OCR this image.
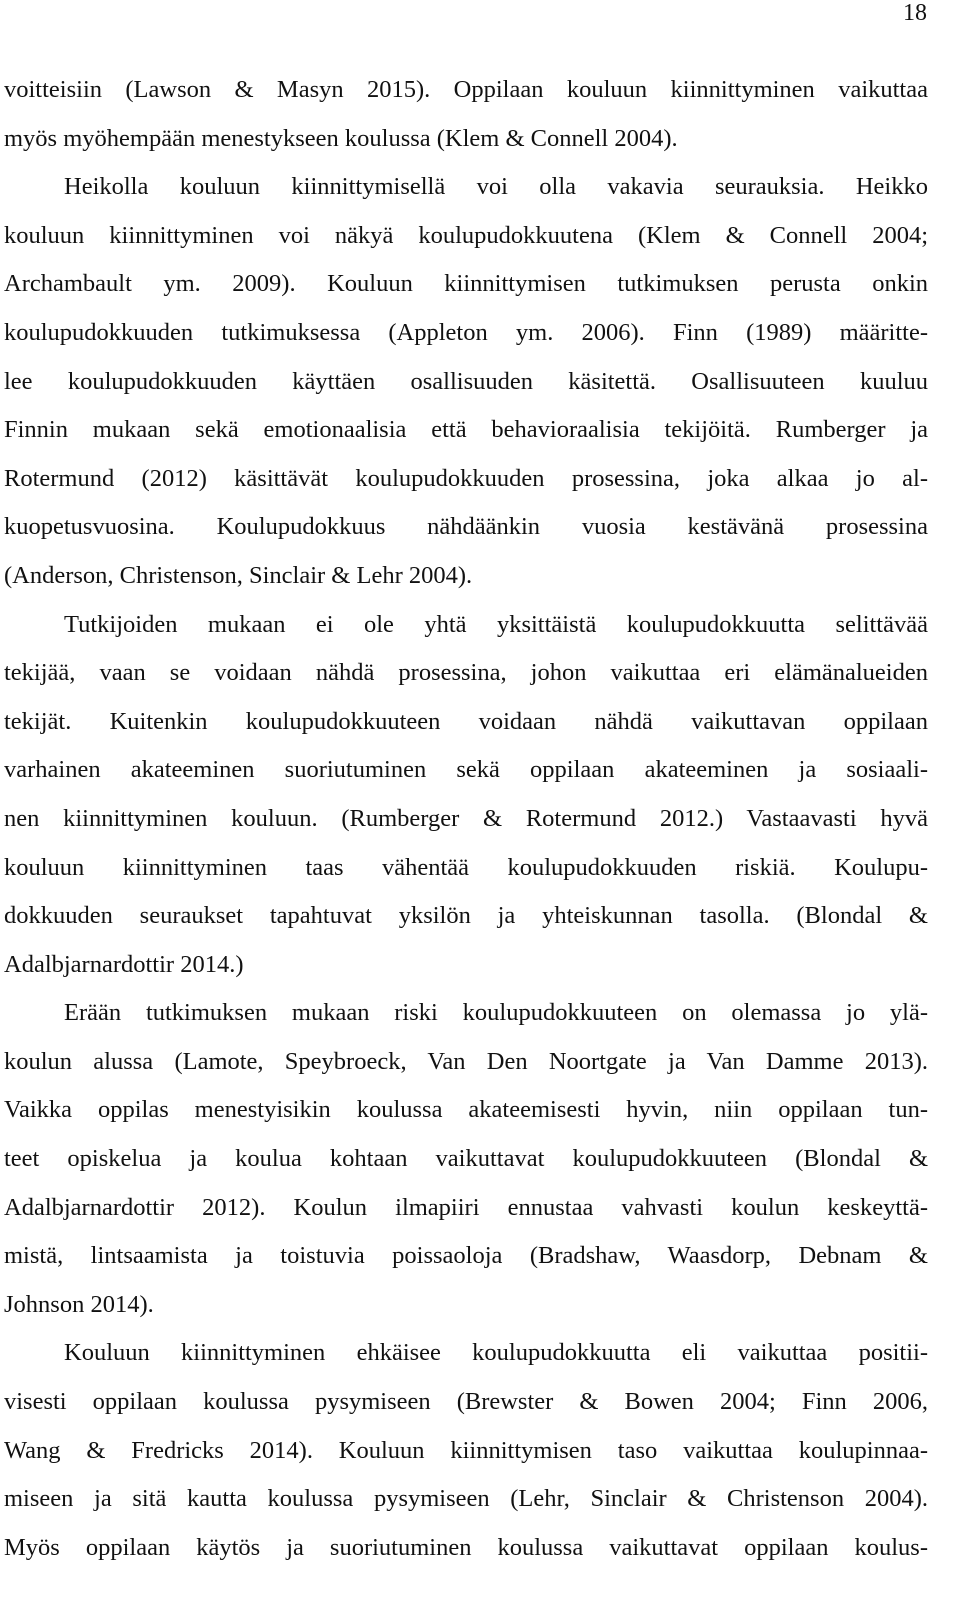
18
voitteisiin (Lawson & Masyn 2015). Oppilaan kouluun kiinnittyminen vaikuttaa
myös myöhempään menestykseen koulussa (Klem & Connell 2004).
Heikolla kouluun kiinnittymisellä voi olla vakavia seurauksia. Heikko
kouluun kiinnittyminen voi näkyä koulupudokkuutena (Klem & Connell 2004;
Archambault ym. 2009). Kouluun kiinnittymisen tutkimuksen perusta onkin
koulupudokkuuden tutkimuksessa (Appleton ym. 2006). Finn (1989) määritte-
lee koulupudokkuuden käyttäen osallisuuden käsitettä. Osallisuuteen kuuluu
Finnin mukaan sekä emotionaalisia että behavioraalisia tekijöitä. Rumberger ja
Rotermund (2012) käsittävät koulupudokkuuden prosessina, joka alkaa jo al-
kuopetusvuosina. Koulupudokkuus nähdäänkin vuosia kestävänä prosessina
(Anderson, Christenson, Sinclair & Lehr 2004).
Tutkijoiden mukaan ei ole yhtä yksittäistä koulupudokkuutta selittävää
tekijää, vaan se voidaan nähdä prosessina, johon vaikuttaa eri elämänalueiden
tekijät. Kuitenkin koulupudokkuuteen voidaan nähdä vaikuttavan oppilaan
varhainen akateeminen suoriutuminen sekä oppilaan akateeminen ja sosiaali-
nen kiinnittyminen kouluun. (Rumberger & Rotermund 2012.) Vastaavasti hyvä
kouluun kiinnittyminen taas vähentää koulupudokkuuden riskiä. Koulupu-
dokkuuden seuraukset tapahtuvat yksilön ja yhteiskunnan tasolla. (Blondal &
Adalbjarnardottir 2014.)
Erään tutkimuksen mukaan riski koulupudokkuuteen on olemassa jo ylä-
koulun alussa (Lamote, Speybroeck, Van Den Noortgate ja Van Damme 2013).
Vaikka oppilas menestyisikin koulussa akateemisesti hyvin, niin oppilaan tun-
teet opiskelua ja koulua kohtaan vaikuttavat koulupudokkuuteen (Blondal &
Adalbjarnardottir 2012). Koulun ilmapiiri ennustaa vahvasti koulun keskeyttä-
mistä, lintsaamista ja toistuvia poissaoloja (Bradshaw, Waasdorp, Debnam &
Johnson 2014).
Kouluun kiinnittyminen ehkäisee koulupudokkuutta eli vaikuttaa positii-
visesti oppilaan koulussa pysymiseen (Brewster & Bowen 2004; Finn 2006,
Wang & Fredricks 2014). Kouluun kiinnittymisen taso vaikuttaa koulupinnaa-
miseen ja sitä kautta koulussa pysymiseen (Lehr, Sinclair & Christenson 2004).
Myös oppilaan käytös ja suoriutuminen koulussa vaikuttavat oppilaan koulus-
